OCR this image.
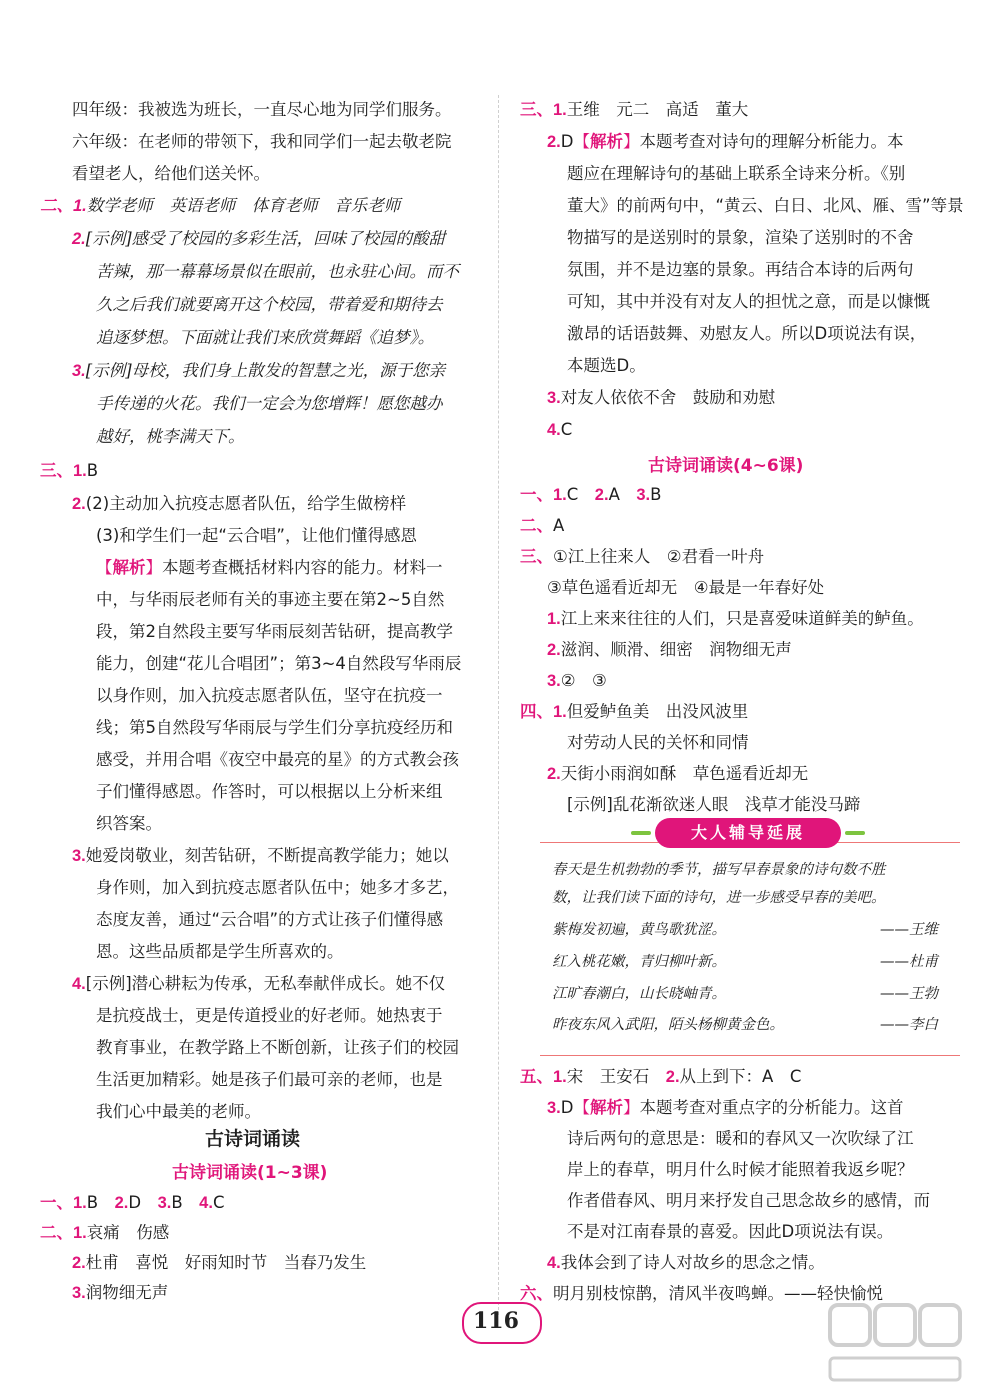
四年级：我被选为班长，一直尽心地为同学们服务。
六年级：在老师的带领下，我和同学们一起去敬老院
看望老人，给他们送关怀。
二、1.数学老师　英语老师　体育老师　音乐老师
2.[示例]感受了校园的多彩生活，回味了校园的酸甜
苦辣，那一幕幕场景似在眼前，也永驻心间。而不
久之后我们就要离开这个校园，带着爱和期待去
追逐梦想。下面就让我们来欣赏舞蹈《追梦》。
3.[示例]母校，我们身上散发的智慧之光，源于您亲
手传递的火花。我们一定会为您增辉！愿您越办
越好，桃李满天下。
三、1.B
2.(2)主动加入抗疫志愿者队伍，给学生做榜样
(3)和学生们一起“云合唱”，让他们懂得感恩
【解析】本题考查概括材料内容的能力。材料一
中，与华雨辰老师有关的事迹主要在第2~5自然
段，第2自然段主要写华雨辰刻苦钻研，提高教学
能力，创建“花儿合唱团”；第3~4自然段写华雨辰
以身作则，加入抗疫志愿者队伍，坚守在抗疫一
线；第5自然段写华雨辰与学生们分享抗疫经历和
感受，并用合唱《夜空中最亮的星》的方式教会孩
子们懂得感恩。作答时，可以根据以上分析来组
织答案。
3.她爱岗敬业，刻苦钻研，不断提高教学能力；她以
身作则，加入到抗疫志愿者队伍中；她多才多艺，
态度友善，通过“云合唱”的方式让孩子们懂得感
恩。这些品质都是学生所喜欢的。
4.[示例]潜心耕耘为传承，无私奉献伴成长。她不仅
是抗疫战士，更是传道授业的好老师。她热衷于
教育事业，在教学路上不断创新，让孩子们的校园
生活更加精彩。她是孩子们最可亲的老师，也是
我们心中最美的老师。
古诗词诵读
古诗词诵读(1~3课)
一、1.B　2.D　3.B　4.C
二、1.哀痛　伤感
2.杜甫　喜悦　好雨知时节　当春乃发生
3.润物细无声
三、1.王维　元二　高适　董大
2.D【解析】本题考查对诗句的理解分析能力。本
题应在理解诗句的基础上联系全诗来分析。《别
董大》的前两句中，“黄云、白日、北风、雁、雪”等景
物描写的是送别时的景象，渲染了送别时的不舍
氛围，并不是边塞的景象。再结合本诗的后两句
可知，其中并没有对友人的担忧之意，而是以慷慨
激昂的话语鼓舞、劝慰友人。所以D项说法有误，
本题选D。
3.对友人依依不舍　鼓励和劝慰
4.C
古诗词诵读(4~6课)
一、1.C　2.A　3.B
二、A
三、①江上往来人　②君看一叶舟
③草色遥看近却无　④最是一年春好处
1.江上来来往往的人们，只是喜爱味道鲜美的鲈鱼。
2.滋润、顺滑、细密　润物细无声
3.②　③
四、1.但爱鲈鱼美　出没风波里
对劳动人民的关怀和同情
2.天街小雨润如酥　草色遥看近却无
[示例]乱花渐欲迷人眼　浅草才能没马蹄
大人辅导延展
春天是生机勃勃的季节，描写早春景象的诗句数不胜
数，让我们读下面的诗句，进一步感受早春的美吧。
紫梅发初遍，黄鸟歌犹涩。	——王维
红入桃花嫩，青归柳叶新。	——杜甫
江旷春潮白，山长晓岫青。	——王勃
昨夜东风入武阳，陌头杨柳黄金色。	——李白
五、1.宋　王安石　2.从上到下：A　C
3.D【解析】本题考查对重点字的分析能力。这首
诗后两句的意思是：暖和的春风又一次吹绿了江
岸上的春草，明月什么时候才能照着我返乡呢？
作者借春风、明月来抒发自己思念故乡的感情，而
不是对江南春景的喜爱。因此D项说法有误。
4.我体会到了诗人对故乡的思念之情。
六、明月别枝惊鹊，清风半夜鸣蝉。——轻快愉悦
116
